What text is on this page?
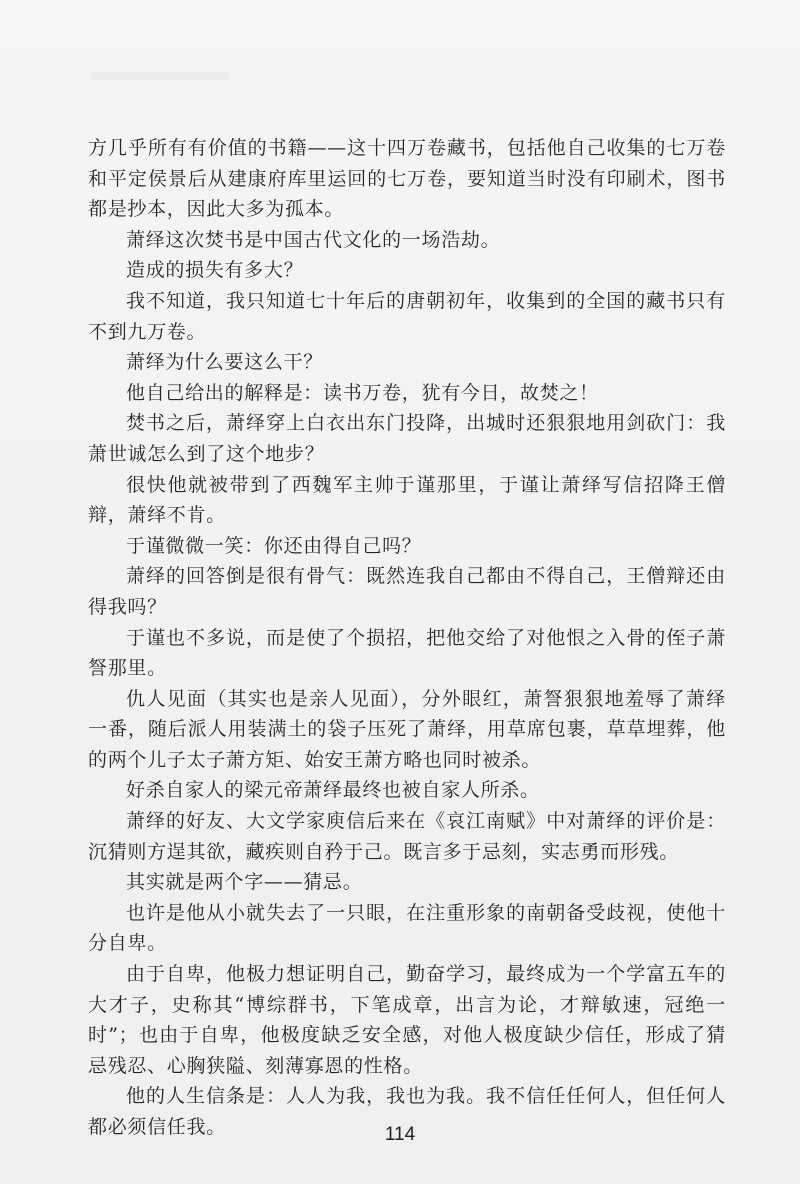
方几乎所有有价值的书籍——这十四万卷藏书，包括他自己收集的七万卷和平定侯景后从建康府库里运回的七万卷，要知道当时没有印刷术，图书都是抄本，因此大多为孤本。

萧绎这次焚书是中国古代文化的一场浩劫。

造成的损失有多大？

我不知道，我只知道七十年后的唐朝初年，收集到的全国的藏书只有不到九万卷。

萧绎为什么要这么干？

他自己给出的解释是：读书万卷，犹有今日，故焚之！

焚书之后，萧绎穿上白衣出东门投降，出城时还狠狠地用剑砍门：我萧世诚怎么到了这个地步？

很快他就被带到了西魏军主帅于谨那里，于谨让萧绎写信招降王僧辩，萧绎不肯。

于谨微微一笑：你还由得自己吗？

萧绎的回答倒是很有骨气：既然连我自己都由不得自己，王僧辩还由得我吗？

于谨也不多说，而是使了个损招，把他交给了对他恨之入骨的侄子萧詧那里。

仇人见面（其实也是亲人见面），分外眼红，萧詧狠狠地羞辱了萧绎一番，随后派人用装满土的袋子压死了萧绎，用草席包裹，草草埋葬，他的两个儿子太子萧方矩、始安王萧方略也同时被杀。

好杀自家人的梁元帝萧绎最终也被自家人所杀。

萧绎的好友、大文学家庾信后来在《哀江南赋》中对萧绎的评价是：沉猜则方逞其欲，藏疾则自矜于己。既言多于忌刻，实志勇而形残。

其实就是两个字——猜忌。

也许是他从小就失去了一只眼，在注重形象的南朝备受歧视，使他十分自卑。

由于自卑，他极力想证明自己，勤奋学习，最终成为一个学富五车的大才子，史称其“博综群书，下笔成章，出言为论，才辩敏速，冠绝一时”；也由于自卑，他极度缺乏安全感，对他人极度缺少信任，形成了猜忌残忍、心胸狭隘、刻薄寡恩的性格。

他的人生信条是：人人为我，我也为我。我不信任任何人，但任何人都必须信任我。	114
